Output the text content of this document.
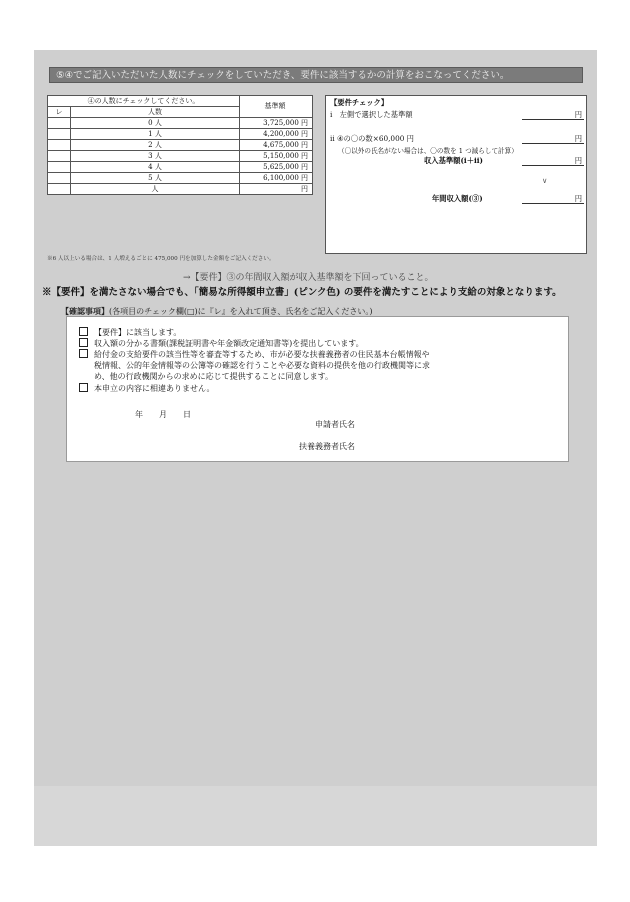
⑤④でご記入いただいた人数にチェックをしていただき、要件に該当するかの計算をおこなってください。
④の人数にチェックしてください。		基準額
レ	人数	
	0 人	3,725,000 円
	1 人	4,200,000 円
	2 人	4,675,000 円
	3 人	5,150,000 円
	4 人	5,625,000 円
	5 人	6,100,000 円
	人	円
※6 人以上いる場合は、1 人増えるごとに 475,000 円を加算した金額をご記入ください。
【要件チェック】
i　左側で選択した基準額	円
ii ④の〇の数×60,000 円	円
（〇以外の氏名がない場合は、〇の数を 1 つ減らして計算）
収入基準額(i＋ii)	円
∨
年間収入額(③)	円
→【要件】③の年間収入額が収入基準額を下回っていること。
※【要件】を満たさない場合でも、「簡易な所得額申立書」(ピンク色) の要件を満たすことにより支給の対象となります。
【確認事項】(各項目のチェック欄(□)に『レ』を入れて頂き、氏名をご記入ください。)
【要件】に該当します。
収入額の分かる書類(課税証明書や年金額改定通知書等)を提出しています。
給付金の支給要件の該当性等を審査等するため、市が必要な扶養義務者の住民基本台帳情報や
税情報、公的年金情報等の公簿等の確認を行うことや必要な資料の提供を他の行政機関等に求
め、他の行政機関からの求めに応じて提供することに同意します。
本申立の内容に相違ありません。
年　　月　　日
申請者氏名
扶養義務者氏名
